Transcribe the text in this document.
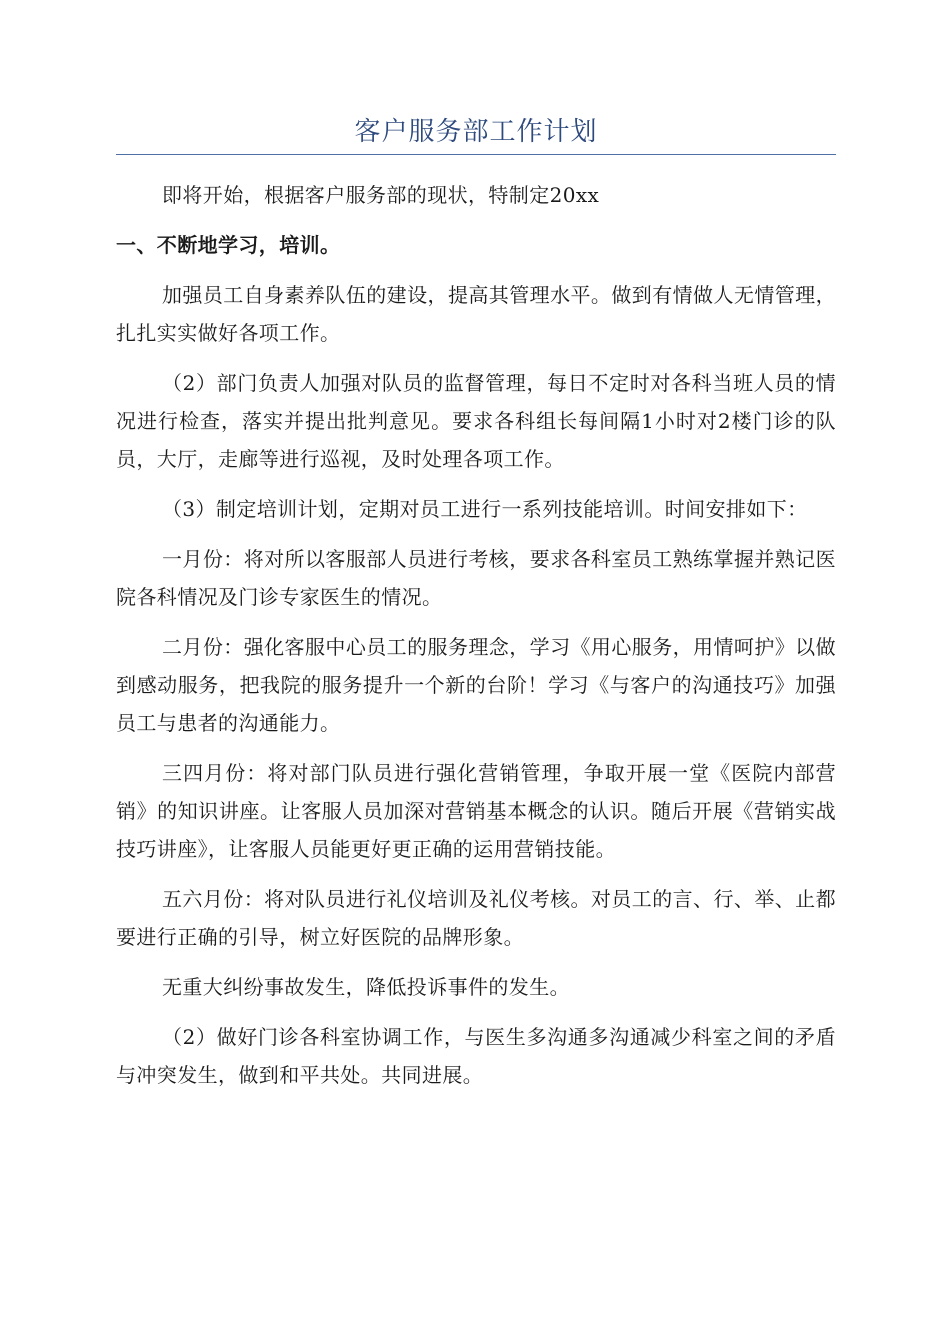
客户服务部工作计划

即将开始，根据客户服务部的现状，特制定20xx

一、不断地学习，培训。

加强员工自身素养队伍的建设，提高其管理水平。做到有情做人无情管理，扎扎实实做好各项工作。

（2）部门负责人加强对队员的监督管理，每日不定时对各科当班人员的情况进行检查，落实并提出批判意见。要求各科组长每间隔1小时对2楼门诊的队员，大厅，走廊等进行巡视，及时处理各项工作。

（3）制定培训计划，定期对员工进行一系列技能培训。时间安排如下：

一月份：将对所以客服部人员进行考核，要求各科室员工熟练掌握并熟记医院各科情况及门诊专家医生的情况。

二月份：强化客服中心员工的服务理念，学习《用心服务，用情呵护》以做到感动服务，把我院的服务提升一个新的台阶！学习《与客户的沟通技巧》加强员工与患者的沟通能力。

三四月份：将对部门队员进行强化营销管理，争取开展一堂《医院内部营销》的知识讲座。让客服人员加深对营销基本概念的认识。随后开展《营销实战技巧讲座》，让客服人员能更好更正确的运用营销技能。

五六月份：将对队员进行礼仪培训及礼仪考核。对员工的言、行、举、止都要进行正确的引导，树立好医院的品牌形象。

无重大纠纷事故发生，降低投诉事件的发生。

（2）做好门诊各科室协调工作，与医生多沟通多沟通减少科室之间的矛盾与冲突发生，做到和平共处。共同进展。
